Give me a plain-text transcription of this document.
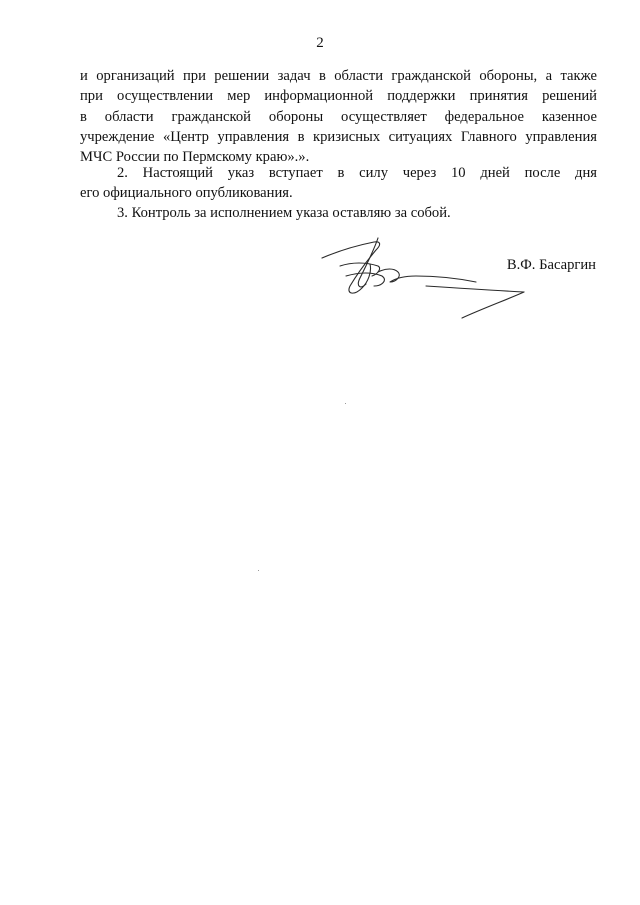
2
и организаций при решении задач в области гражданской обороны, а также
при осуществлении мер информационной поддержки принятия решений
в области гражданской обороны осуществляет федеральное казенное
учреждение «Центр управления в кризисных ситуациях Главного управления
МЧС России по Пермскому краю».».
2. Настоящий указ вступает в силу через 10 дней после дня
его официального опубликования.
3. Контроль за исполнением указа оставляю за собой.
В.Ф. Басаргин
